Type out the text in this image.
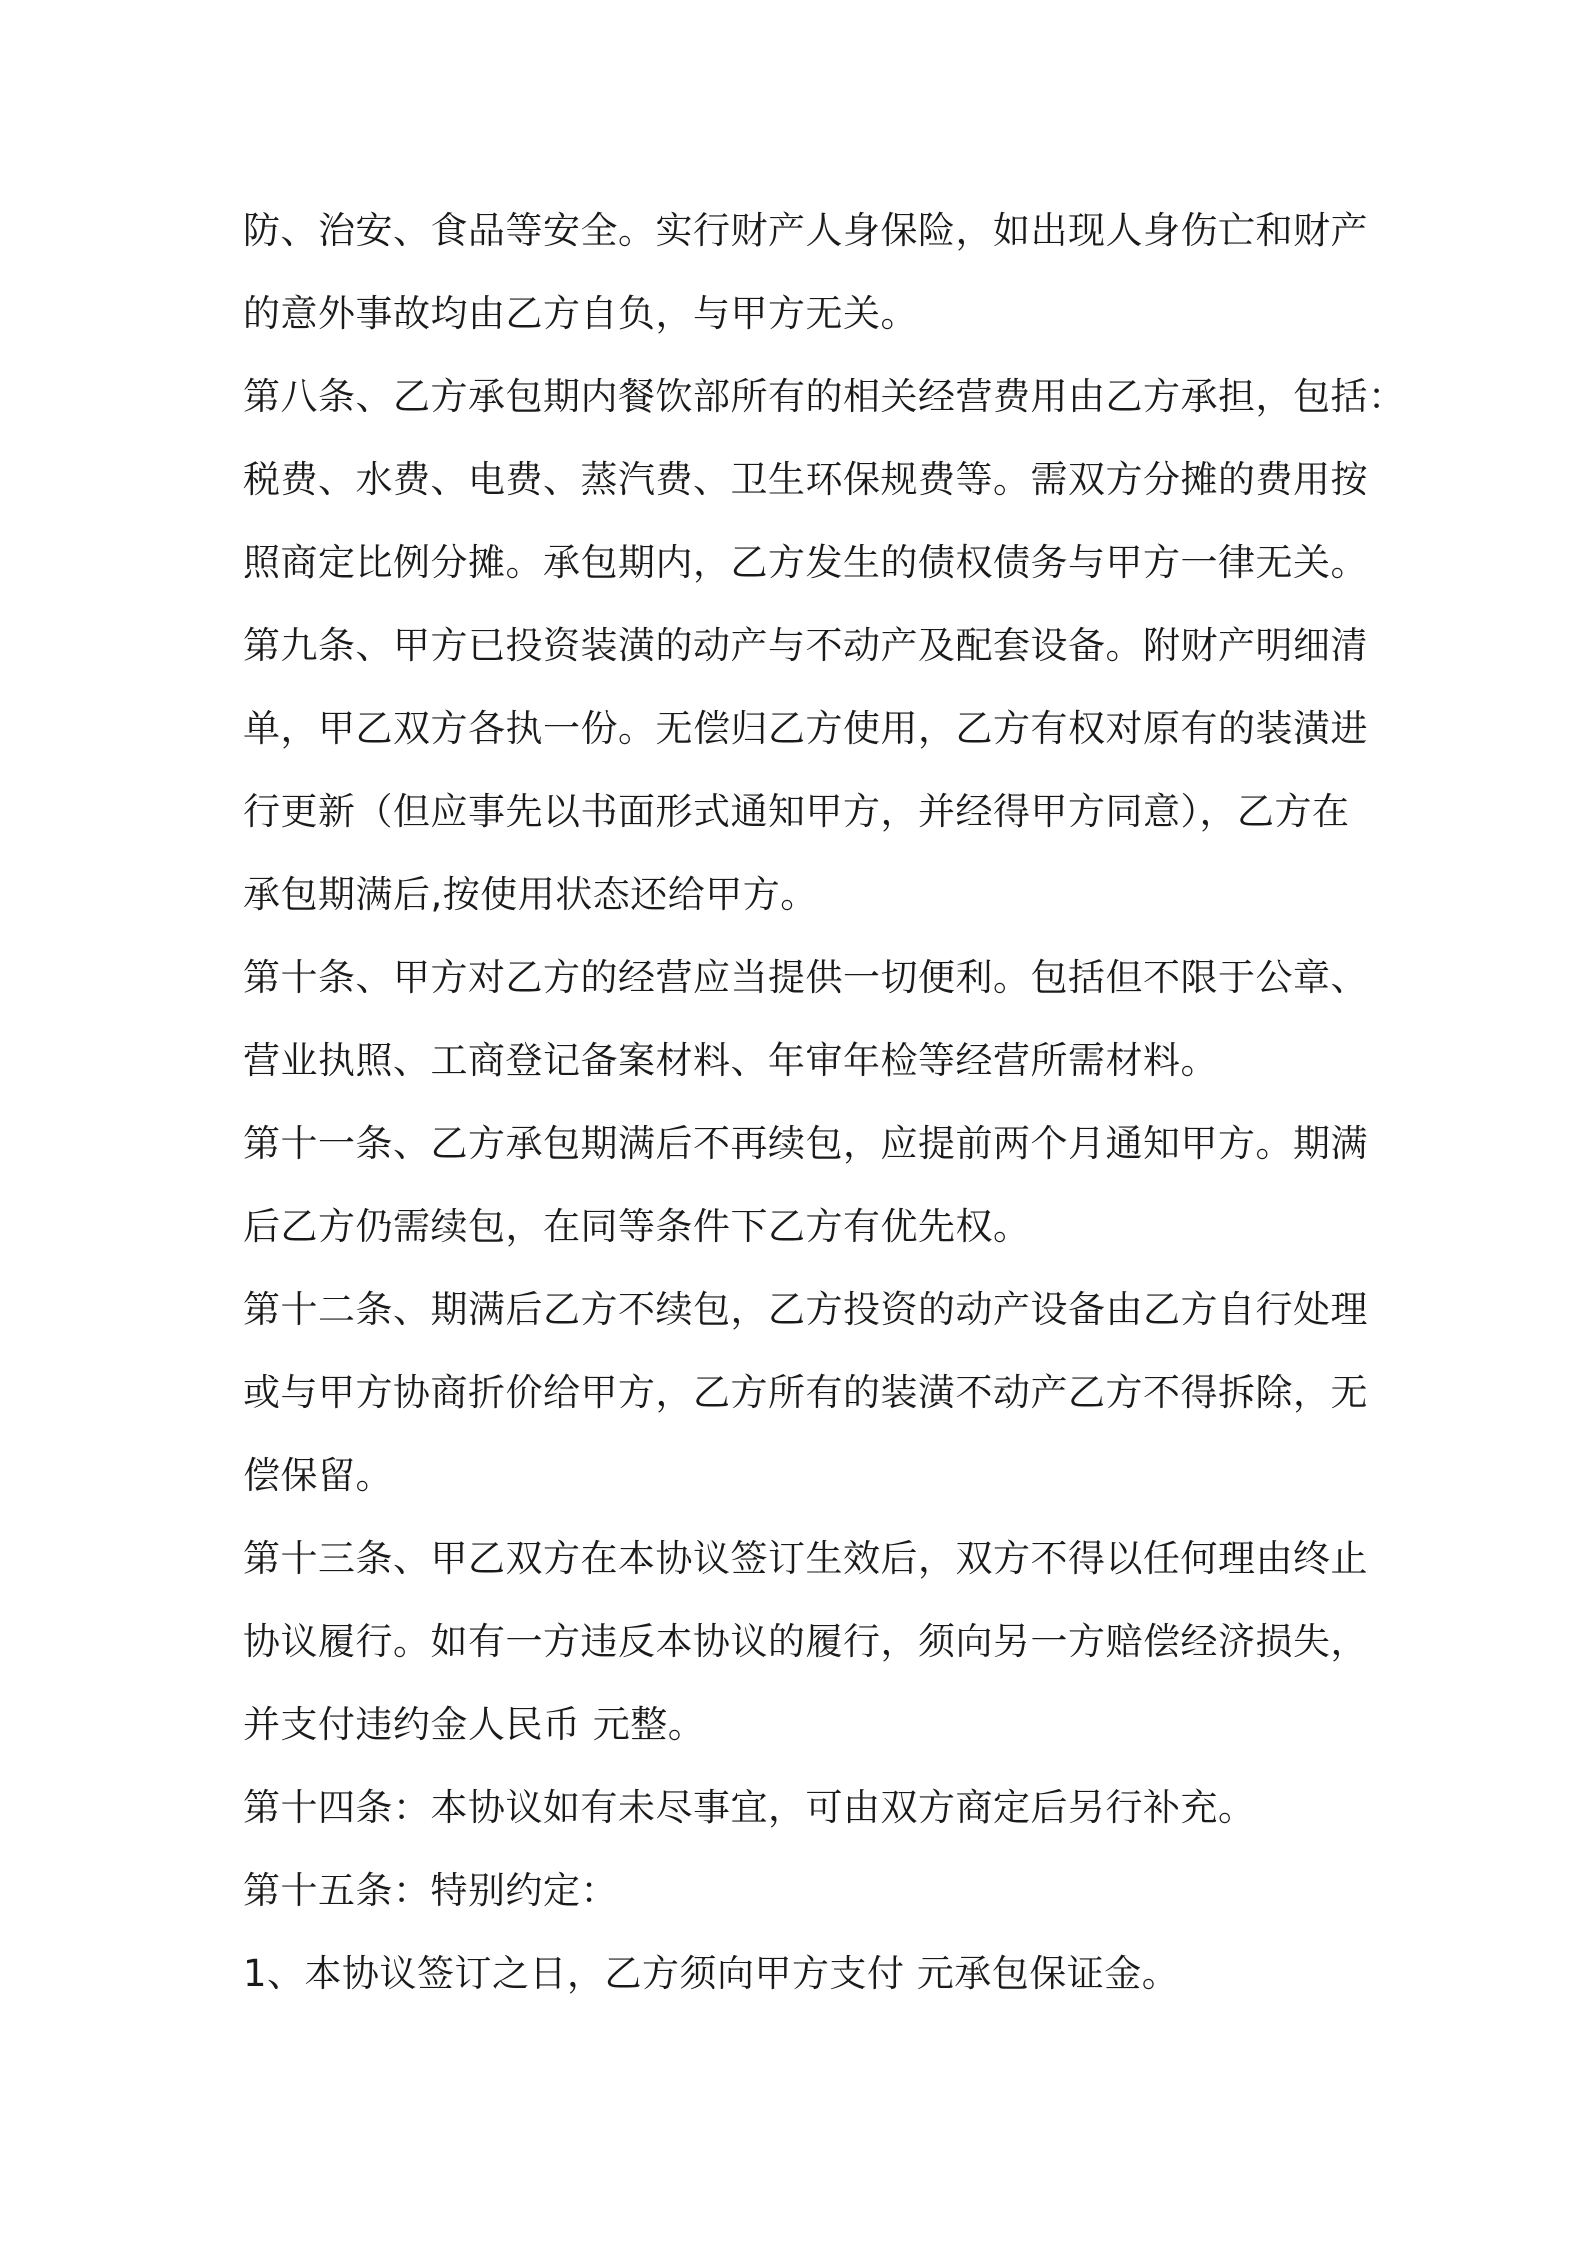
防、治安、食品等安全。实行财产人身保险，如出现人身伤亡和财产
的意外事故均由乙方自负，与甲方无关。
第八条、乙方承包期内餐饮部所有的相关经营费用由乙方承担，包括：
税费、水费、电费、蒸汽费、卫生环保规费等。需双方分摊的费用按
照商定比例分摊。承包期内，乙方发生的债权债务与甲方一律无关。
第九条、甲方已投资装潢的动产与不动产及配套设备。附财产明细清
单，甲乙双方各执一份。无偿归乙方使用，乙方有权对原有的装潢进
行更新（但应事先以书面形式通知甲方，并经得甲方同意），乙方在
承包期满后,按使用状态还给甲方。
第十条、甲方对乙方的经营应当提供一切便利。包括但不限于公章、
营业执照、工商登记备案材料、年审年检等经营所需材料。
第十一条、乙方承包期满后不再续包，应提前两个月通知甲方。期满
后乙方仍需续包，在同等条件下乙方有优先权。
第十二条、期满后乙方不续包，乙方投资的动产设备由乙方自行处理
或与甲方协商折价给甲方，乙方所有的装潢不动产乙方不得拆除，无
偿保留。
第十三条、甲乙双方在本协议签订生效后，双方不得以任何理由终止
协议履行。如有一方违反本协议的履行，须向另一方赔偿经济损失，
并支付违约金人民币 元整。
第十四条：本协议如有未尽事宜，可由双方商定后另行补充。
第十五条：特别约定：
1、本协议签订之日，乙方须向甲方支付 元承包保证金。
